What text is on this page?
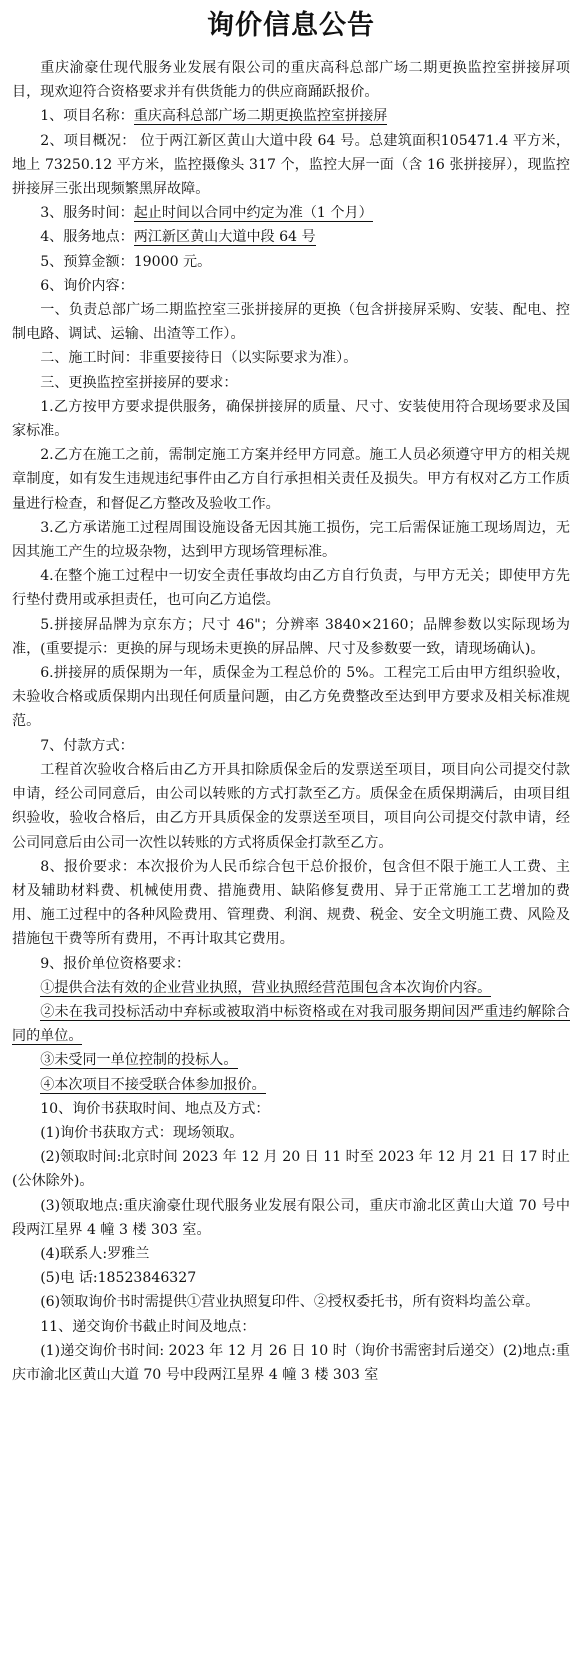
询价信息公告

重庆渝豪仕现代服务业发展有限公司的重庆高科总部广场二期更换监控室拼接屏项目，现欢迎符合资格要求并有供货能力的供应商踊跃报价。

1、项目名称：重庆高科总部广场二期更换监控室拼接屏

2、项目概况： 位于两江新区黄山大道中段 64 号。总建筑面积105471.4 平方米，地上 73250.12 平方米，监控摄像头 317 个，监控大屏一面（含 16 张拼接屏），现监控拼接屏三张出现频繁黑屏故障。

3、服务时间：起止时间以合同中约定为准（1 个月）

4、服务地点：两江新区黄山大道中段 64 号

5、预算金额：19000 元。

6、询价内容：

一、负责总部广场二期监控室三张拼接屏的更换（包含拼接屏采购、安装、配电、控制电路、调试、运输、出渣等工作）。

二、施工时间：非重要接待日（以实际要求为准）。

三、更换监控室拼接屏的要求：

1.乙方按甲方要求提供服务，确保拼接屏的质量、尺寸、安装使用符合现场要求及国家标准。

2.乙方在施工之前，需制定施工方案并经甲方同意。施工人员必须遵守甲方的相关规章制度，如有发生违规违纪事件由乙方自行承担相关责任及损失。甲方有权对乙方工作质量进行检查，和督促乙方整改及验收工作。

3.乙方承诺施工过程周围设施设备无因其施工损伤，完工后需保证施工现场周边，无因其施工产生的垃圾杂物，达到甲方现场管理标准。

4.在整个施工过程中一切安全责任事故均由乙方自行负责，与甲方无关；即使甲方先行垫付费用或承担责任，也可向乙方追偿。

5.拼接屏品牌为京东方；尺寸 46"；分辨率 3840×2160；品牌参数以实际现场为准，(重要提示：更换的屏与现场未更换的屏品牌、尺寸及参数要一致，请现场确认)。

6.拼接屏的质保期为一年，质保金为工程总价的 5%。工程完工后由甲方组织验收，未验收合格或质保期内出现任何质量问题，由乙方免费整改至达到甲方要求及相关标准规范。

7、付款方式：

工程首次验收合格后由乙方开具扣除质保金后的发票送至项目，项目向公司提交付款申请，经公司同意后，由公司以转账的方式打款至乙方。质保金在质保期满后，由项目组织验收，验收合格后，由乙方开具质保金的发票送至项目，项目向公司提交付款申请，经公司同意后由公司一次性以转账的方式将质保金打款至乙方。

8、报价要求：本次报价为人民币综合包干总价报价，包含但不限于施工人工费、主材及辅助材料费、机械使用费、措施费用、缺陷修复费用、异于正常施工工艺增加的费用、施工过程中的各种风险费用、管理费、利润、规费、税金、安全文明施工费、风险及措施包干费等所有费用，不再计取其它费用。

9、报价单位资格要求：

①提供合法有效的企业营业执照，营业执照经营范围包含本次询价内容。

②未在我司投标活动中弃标或被取消中标资格或在对我司服务期间因严重违约解除合同的单位。

③未受同一单位控制的投标人。

④本次项目不接受联合体参加报价。

10、询价书获取时间、地点及方式：

(1)询价书获取方式：现场领取。

(2)领取时间:北京时间 2023 年 12 月 20 日 11 时至 2023 年 12 月 21 日 17 时止(公休除外)。

(3)领取地点:重庆渝豪仕现代服务业发展有限公司，重庆市渝北区黄山大道 70 号中段两江星界 4 幢 3 楼 303 室。

(4)联系人:罗雅兰

(5)电 话:18523846327

(6)领取询价书时需提供①营业执照复印件、②授权委托书，所有资料均盖公章。

11、递交询价书截止时间及地点：

(1)递交询价书时间: 2023 年 12 月 26 日 10 时（询价书需密封后递交）(2)地点:重庆市渝北区黄山大道 70 号中段两江星界 4 幢 3 楼 303 室
